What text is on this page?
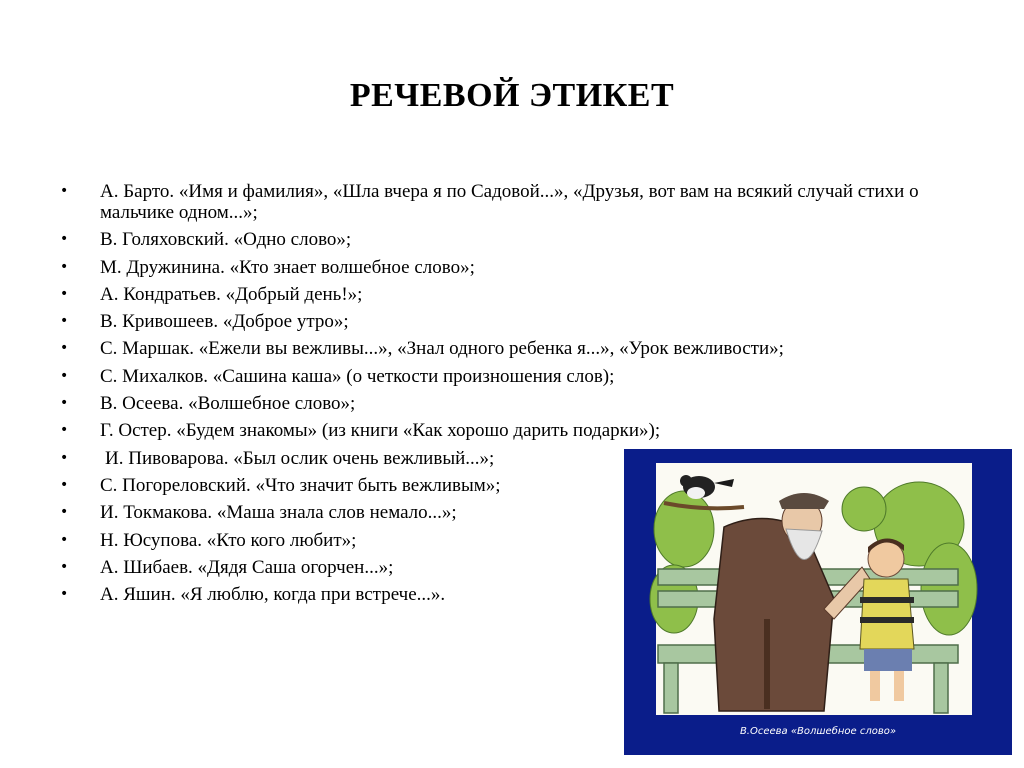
РЕЧЕВОЙ ЭТИКЕТ
• А. Барто. «Имя и фамилия», «Шла вчера я по Садовой...», «Друзья, вот вам на всякий случай стихи о мальчике одном...»;
• В. Голяховский. «Одно слово»;
• М. Дружинина. «Кто знает волшебное слово»;
• А. Кондратьев. «Добрый день!»;
• В. Кривошеев. «Доброе утро»;
• С. Маршак. «Ежели вы вежливы...», «Знал одного ребенка я...», «Урок вежливости»;
• С. Михалков. «Сашина каша» (о четкости произношения слов);
• В. Осеева. «Волшебное слово»;
• Г. Остер. «Будем знакомы» (из книги «Как хорошо дарить подарки»);
• И. Пивоварова. «Был ослик очень вежливый...»;
• С. Погореловский. «Что значит быть вежливым»;
• И. Токмакова. «Маша знала слов немало...»;
• Н. Юсупова. «Кто кого любит»;
• А. Шибаев. «Дядя Саша огорчен...»;
• А. Яшин. «Я люблю, когда при встрече...».
В.Осеева «Волшебное слово»
